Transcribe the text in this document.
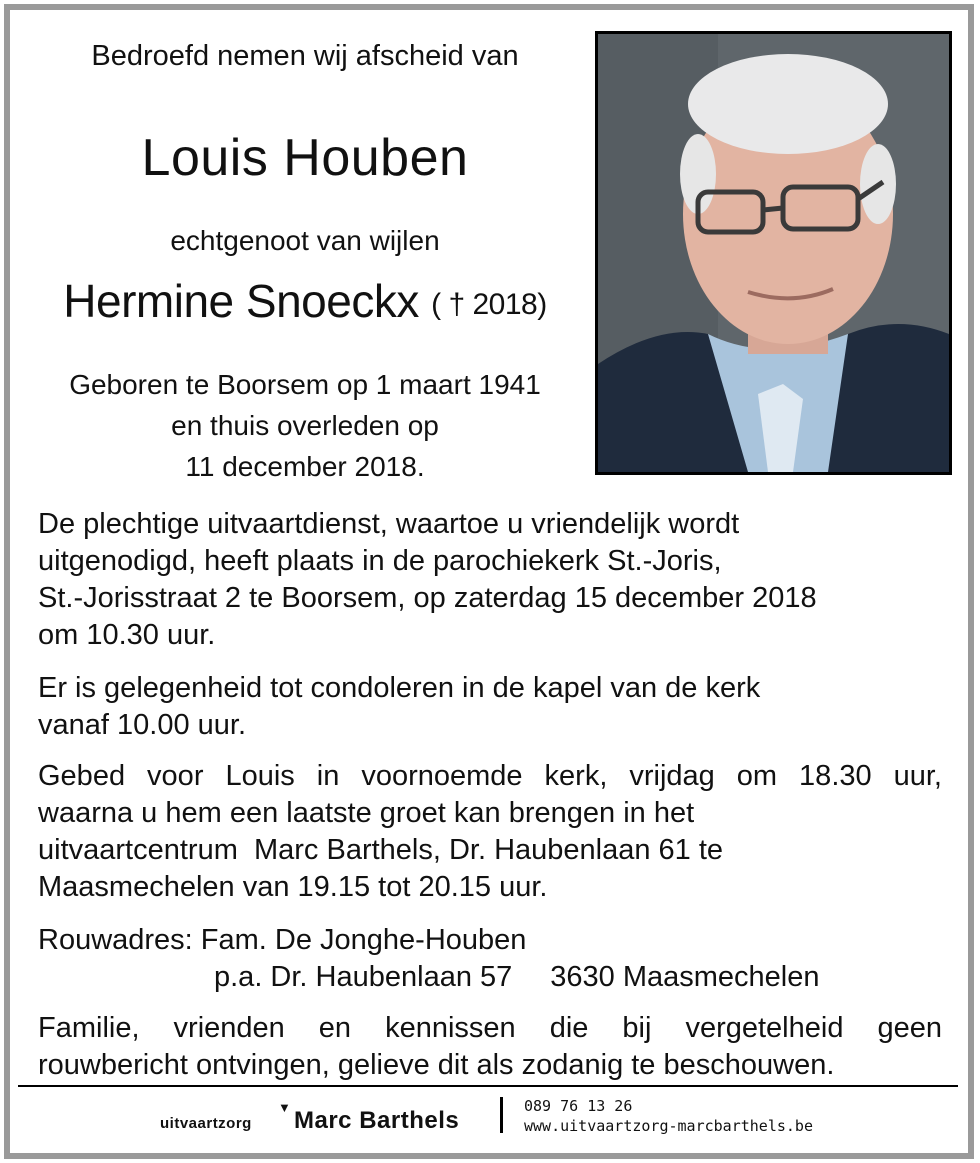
Bedroefd nemen wij afscheid van
Louis Houben
echtgenoot van wijlen
Hermine Snoeckx ( † 2018)
Geboren te Boorsem op 1 maart 1941
en thuis overleden op
11 december 2018.
De plechtige uitvaartdienst, waartoe u vriendelijk wordt
uitgenodigd, heeft plaats in de parochiekerk St.-Joris,
St.-Jorisstraat 2 te Boorsem, op zaterdag 15 december 2018
om 10.30 uur.
Er is gelegenheid tot condoleren in de kapel van de kerk
vanaf 10.00 uur.
Gebed voor Louis in voornoemde kerk, vrijdag om 18.30 uur,
waarna u hem een laatste groet kan brengen in het
uitvaartcentrum  Marc Barthels, Dr. Haubenlaan 61 te
Maasmechelen van 19.15 tot 20.15 uur.
Rouwadres: Fam. De Jonghe-Houben
p.a. Dr. Haubenlaan 57 3630 Maasmechelen
Familie, vrienden en kennissen die bij vergetelheid geen
rouwbericht ontvingen, gelieve dit als zodanig te beschouwen.
uitvaartzorg
▼ Marc Barthels
089 76 13 26
www.uitvaartzorg-marcbarthels.be
